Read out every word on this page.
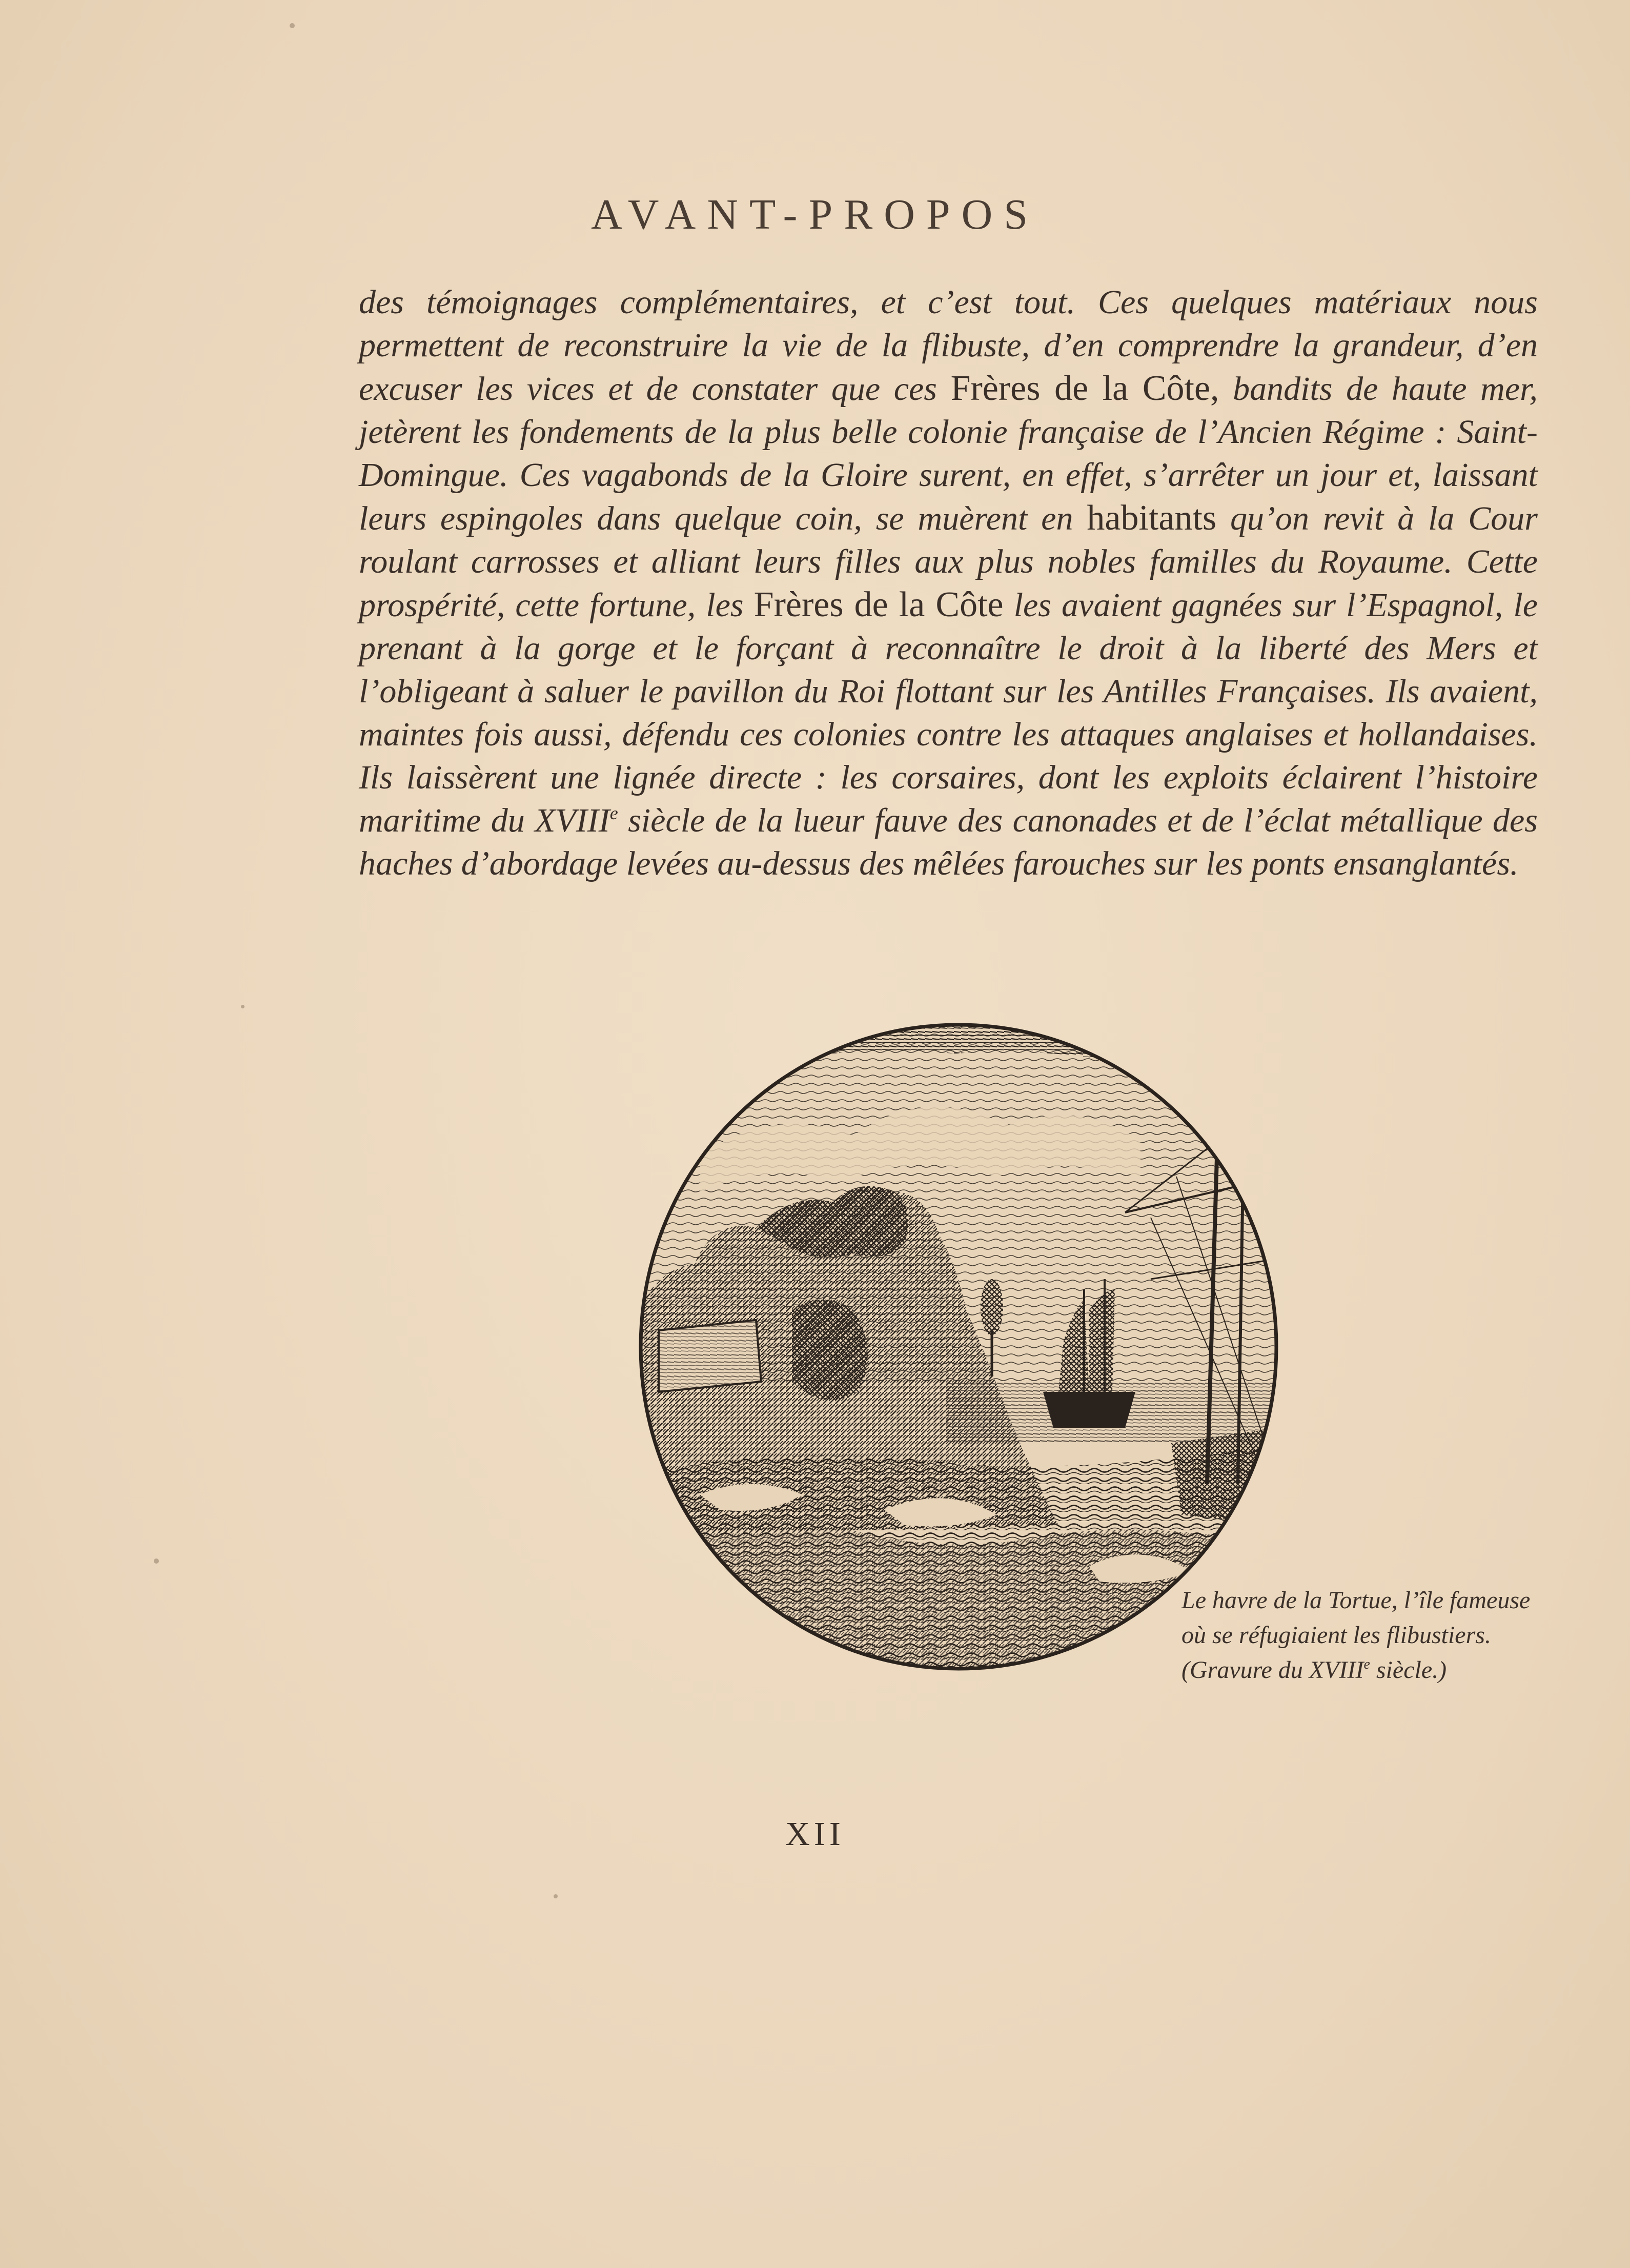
AVANT-PROPOS

des témoignages complémentaires, et c’est tout. Ces quelques matériaux nous permettent de reconstruire la vie de la flibuste, d’en comprendre la grandeur, d’en excuser les vices et de constater que ces Frères de la Côte, bandits de haute mer, jetèrent les fondements de la plus belle colonie française de l’Ancien Régime : Saint-Domingue. Ces vagabonds de la Gloire surent, en effet, s’arrêter un jour et, laissant leurs espingoles dans quelque coin, se muèrent en habitants qu’on revit à la Cour roulant carrosses et alliant leurs filles aux plus nobles familles du Royaume. Cette prospérité, cette fortune, les Frères de la Côte les avaient gagnées sur l’Espagnol, le prenant à la gorge et le forçant à reconnaître le droit à la liberté des Mers et l’obligeant à saluer le pavillon du Roi flottant sur les Antilles Françaises. Ils avaient, maintes fois aussi, défendu ces colonies contre les attaques anglaises et hollandaises. Ils laissèrent une lignée directe : les corsaires, dont les exploits éclairent l’histoire maritime du XVIIIe siècle de la lueur fauve des canonades et de l’éclat métallique des haches d’abordage levées au-dessus des mêlées farouches sur les ponts ensanglantés.

Le havre de la Tortue, l’île fameuse

où se réfugiaient les flibustiers.

(Gravure du XVIIIe siècle.)

XII
